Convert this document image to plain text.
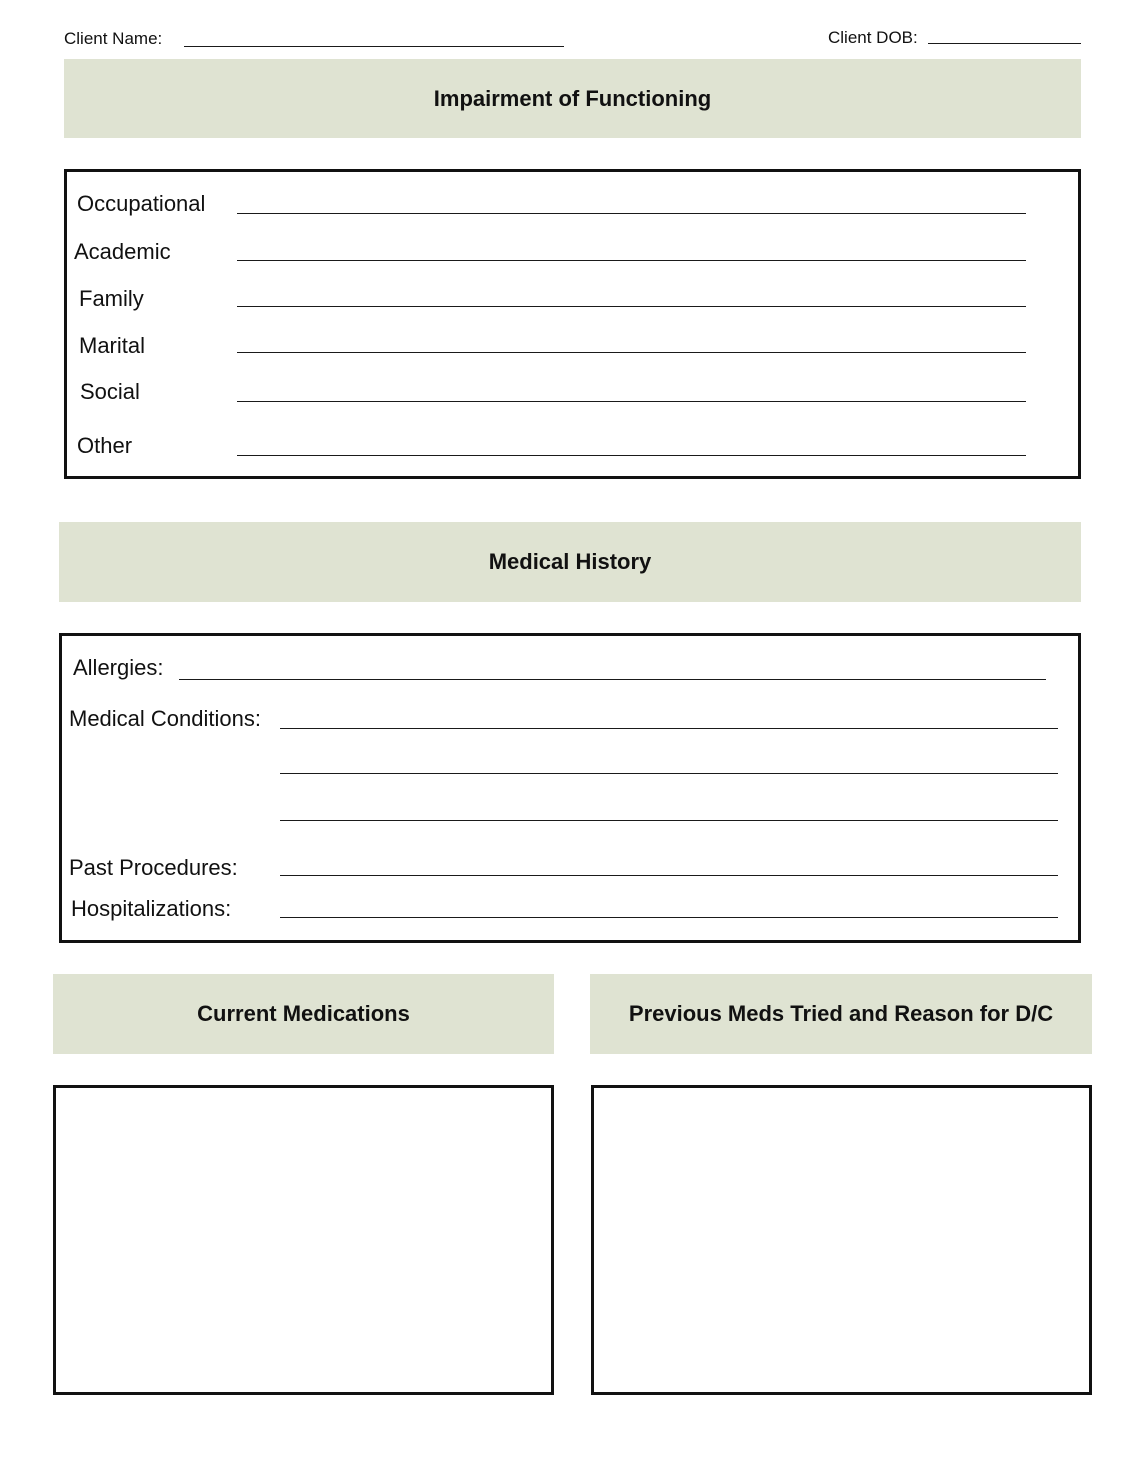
Client Name:	Client DOB:
Impairment of Functioning
Occupational
Academic
Family
Marital
Social
Other
Medical History
Allergies:
Medical Conditions:
Past Procedures:
Hospitalizations:
Current Medications	Previous Meds Tried and Reason for D/C
